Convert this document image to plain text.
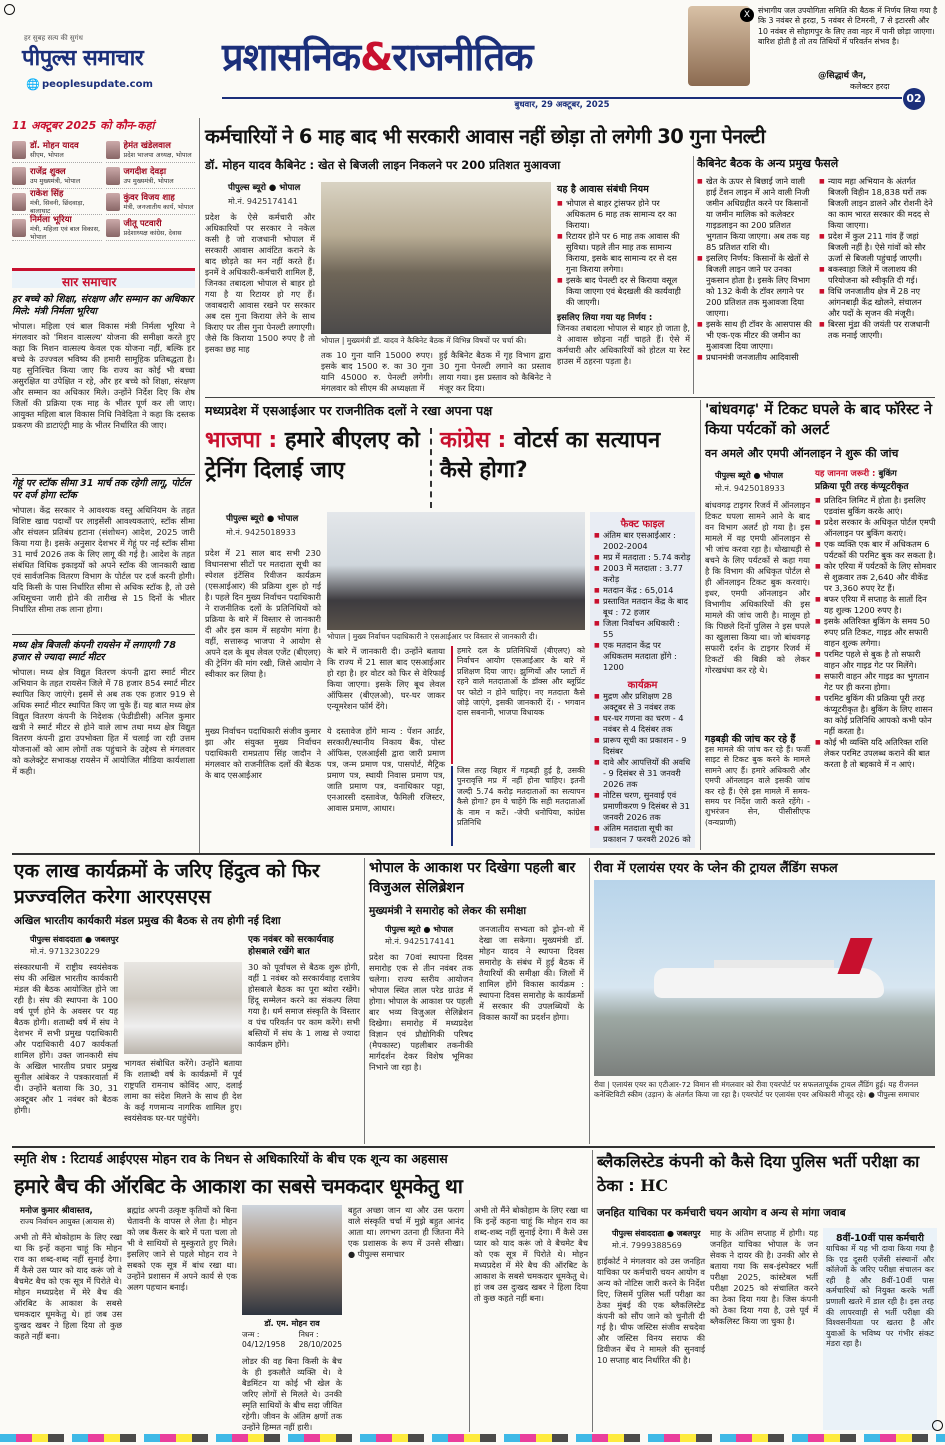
हर सुबह सत्य की सुगंध
पीपुल्स समाचार
🌐 peoplesupdate.com
प्रशासनिक&राजनीतिक
X	संभागीय जल उपयोगिता समिति की बैठक में निर्णय लिया गया है कि 3 नवंबर से हरदा, 5 नवंबर से टिमरनी, 7 से इटारसी और 10 नवंबर से सोहागपुर के लिए तवा नहर में पानी छोड़ा जाएगा। बारिश होती है तो तय तिथियों में परिवर्तन संभव है।
@सिद्धार्थ जैन,
कलेक्टर हरदा
बुधवार, 29 अक्टूबर, 2025	02
11 अक्टूबर 2025 को कौन-कहां
डॉ. मोहन यादव
सीएम, भोपाल
हेमंत खंडेलवाल
प्रदेश भाजपा अध्यक्ष, भोपाल
राजेंद्र शुक्ल
उप मुख्यमंत्री, भोपाल
जगदीश देवड़ा
उप मुख्यमंत्री, भोपाल
राकेश सिंह
मंत्री, सिवनी, छिंदवाड़ा, बालाघाट
कुंवर विजय शाह
मंत्री, जनजातीय कार्य, भोपाल
निर्मला भूरिया
मंत्री, महिला एवं बाल विकास, भोपाल
जीतू पटवारी
प्रदेशाध्यक्ष कांग्रेस, देवास
सार समाचार
हर बच्चे को शिक्षा, संरक्षण और सम्मान का अधिकार मिले: मंत्री निर्मला भूरिया
भोपाल। महिला एवं बाल विकास मंत्री निर्मला भूरिया ने मंगलवार को 'मिशन वात्सल्य' योजना की समीक्षा करते हुए कहा कि मिशन वात्सल्य केवल एक योजना नहीं, बल्कि हर बच्चे के उज्ज्वल भविष्य की हमारी सामूहिक प्रतिबद्धता है। यह सुनिश्चित किया जाए कि राज्य का कोई भी बच्चा असुरक्षित या उपेक्षित न रहे, और हर बच्चे को शिक्षा, संरक्षण और सम्मान का अधिकार मिले। उन्होंने निर्देश दिए कि शेष जिलों की प्रक्रिया एक माह के भीतर पूर्ण कर ली जाए। आयुक्त महिला बाल विकास निधि निवेदिता ने कहा कि दस्तक प्रकरण की डाटाएंट्री माह के भीतर निर्धारित की जाए।
गेहूं पर स्टॉक सीमा 31 मार्च तक रहेगी लागू, पोर्टल पर दर्ज होगा स्टॉक
भोपाल। केंद्र सरकार ने आवश्यक वस्तु अधिनियम के तहत विशिष्ट खाद्य पदार्थों पर लाइसेंसी आवश्यकताएं, स्टॉक सीमा और संचलन प्रतिबंध हटाना (संशोधन) आदेश, 2025 जारी किया गया है। इसके अनुसार देशभर में गेहूं पर नई स्टॉक सीमा 31 मार्च 2026 तक के लिए लागू की गई है। आदेश के तहत संबंधित विधिक इकाइयों को अपने स्टॉक की जानकारी खाद्य एवं सार्वजनिक वितरण विभाग के पोर्टल पर दर्ज करनी होगी। यदि किसी के पास निर्धारित सीमा से अधिक स्टॉक है, तो उसे अधिसूचना जारी होने की तारीख से 15 दिनों के भीतर निर्धारित सीमा तक लाना होगा।
मध्य क्षेत्र बिजली कंपनी रायसेन में लगाएगी 78 हजार से ज्यादा स्मार्ट मीटर
भोपाल। मध्य क्षेत्र विद्युत वितरण कंपनी द्वारा स्मार्ट मीटर अभियान के तहत रायसेन जिले में 78 हजार 854 स्मार्ट मीटर स्थापित किए जाएंगे। इसमें से अब तक एक हजार 919 से अधिक स्मार्ट मीटर स्थापित किए जा चुके हैं। यह बात मध्य क्षेत्र विद्युत वितरण कंपनी के निदेशक (फेडीडीसी) अनिल कुमार खत्री ने स्मार्ट मीटर से होने वाले लाभ तथा मध्य क्षेत्र विद्युत वितरण कंपनी द्वारा उपभोक्ता हित में चलाई जा रही उत्तम योजनाओं को आम लोगों तक पहुंचाने के उद्देश्य से मंगलवार को कलेक्ट्रेट सभाकक्ष रायसेन में आयोजित मीडिया कार्यशाला में कही।
कर्मचारियों ने 6 माह बाद भी सरकारी आवास नहीं छोड़ा तो लगेगी 30 गुना पेनल्टी
डॉ. मोहन यादव कैबिनेट : खेत से बिजली लाइन निकलने पर 200 प्रतिशत मुआवजा
पीपुल्स ब्यूरो ● भोपाल
मो.नं. 9425174141
प्रदेश के ऐसे कर्मचारी और अधिकारियों पर सरकार ने नकेल कसी है जो राजधानी भोपाल में सरकारी आवास आवंटित कराने के बाद छोड़ते का मन नहीं करते हैं। इनमें वे अधिकारी-कर्मचारी शामिल हैं, जिनका तबादला भोपाल से बाहर हो गया है या रिटायर हो गए हैं। जवाबदारी आवास रखने पर सरकार अब दस गुना किराया लेने के साथ किराए पर तीस गुना पेनल्टी लगाएगी। जैसे कि किराया 1500 रुपए है तो इसका छह माह
भोपाल | मुख्यमंत्री डॉ. यादव ने कैबिनेट बैठक में विभिन्न विषयों पर चर्चा की।
तक 10 गुना यानि 15000 रुपए। इसके बाद 1500 रु. का 30 गुना यानि 45000 रु. पेनल्टी लगेगी। मंगलवार को सीएम की अध्यक्षता में
हुई कैबिनेट बैठक में गृह विभाग द्वारा 30 गुना पेनल्टी लगाने का प्रस्ताव लाया गया। इस प्रस्ताव को कैबिनेट ने मंजूर कर दिया।
यह है आवास संबंधी नियम
■ भोपाल से बाहर ट्रांसफर होने पर अधिकतम 6 माह तक सामान्य दर का किराया।
■ रिटायर होने पर 6 माह तक आवास की सुविधा। पहले तीन माह तक सामान्य किराया, इसके बाद सामान्य दर से दस गुना किराया लगेगा।
■ इसके बाद पेनल्टी दर से किराया वसूल किया जाएगा एवं बेदखली की कार्यवाही की जाएगी।
इसलिए लिया गया यह निर्णय :
जिनका तबादला भोपाल से बाहर हो जाता है, वे आवास छोड़ना नहीं चाहते हैं। ऐसे में कर्मचारी और अधिकारियों को होटल या रेस्ट हाउस में ठहरना पड़ता है।
कैबिनेट बैठक के अन्य प्रमुख फैसले
■ खेत के ऊपर से बिछाई जाने वाली हाई टेंशन लाइन में आने वाली निजी जमीन अधिग्रहीत करने पर किसानों या जमीन मालिक को कलेक्टर गाइडलाइन का 200 प्रतिशत भुगतान किया जाएगा। अब तक यह 85 प्रतिशत राशि थी।
■ इसलिए निर्णय: किसानों के खेतों से बिजली लाइन जाने पर उनका नुकसान होता है। इसके लिए विभाग को 132 केवी के टॉवर लगाने पर 200 प्रतिशत तक मुआवजा दिया जाएगा।
■ इसके साथ ही टॉवर के आसपास की भी एक-एक मीटर की जमीन का मुआवजा दिया जाएगा।
■ प्रधानमंत्री जनजातीय आदिवासी
■ न्याय महा अभियान के अंतर्गत बिजली विहीन 18,838 घरों तक बिजली लाइन डालने और रोशनी देने का काम भारत सरकार की मदद से किया जाएगा।
■ प्रदेश में कुल 211 गांव हैं जहां बिजली नहीं है। ऐसे गांवों को सौर ऊर्जा से बिजली पहुंचाई जाएगी।
■ बकस्वाहा जिले में जलाशय की परियोजना को स्वीकृति दी गई।
■ विधि जनजातीय क्षेत्र में 28 नए आंगनबाड़ी केंद्र खोलने, संचालन और पदों के सृजन की मंजूरी।
■ बिरसा मुंडा की जयंती पर राजधानी तक मनाई जाएगी।
मध्यप्रदेश में एसआईआर पर राजनीतिक दलों ने रखा अपना पक्ष
भाजपा : हमारे बीएलए को ट्रेनिंग दिलाई जाए
कांग्रेस : वोटर्स का सत्यापन कैसे होगा?
पीपुल्स ब्यूरो ● भोपाल
मो.नं. 9425018933
प्रदेश में 21 साल बाद सभी 230 विधानसभा सीटों पर मतदाता सूची का स्पेशल इंटेंसिव रिवीजन कार्यक्रम (एसआईआर) की प्रक्रिया शुरू हो गई है। पहले दिन मुख्य निर्वाचन पदाधिकारी ने राजनीतिक दलों के प्रतिनिधियों को प्रक्रिया के बारे में विस्तार से जानकारी दी और इस काम में सहयोग मांगा है। वहीं, सत्तारूढ़ भाजपा ने आयोग से अपने दल के बूथ लेवल एजेंट (बीएलए) की ट्रेनिंग की मांग रखी, जिसे आयोग ने स्वीकार कर लिया है।
मुख्य निर्वाचन पदाधिकारी संजीव कुमार झा और संयुक्त मुख्य निर्वाचन पदाधिकारी रामप्रताप सिंह जादौन ने मंगलवार को राजनीतिक दलों की बैठक के बाद एसआईआर
भोपाल | मुख्य निर्वाचन पदाधिकारी ने एसआईआर पर विस्तार से जानकारी दी।
के बारे में जानकारी दी। उन्होंने बताया कि राज्य में 21 साल बाद एसआईआर हो रहा है। हर वोटर को फिर से वेरिफाई किया जाएगा। इसके लिए बूथ लेवल ऑफिसर (बीएलओ), घर-घर जाकर एन्यूमरेशन फॉर्म देंगे।
ये दस्तावेज होंगे मान्य : पेंशन आर्डर, सरकारी/स्थानीय निकाय बैंक, पोस्ट ऑफिस, एलआईसी द्वारा जारी प्रमाण पत्र, जन्म प्रमाण पत्र, पासपोर्ट, मैट्रिक प्रमाण पत्र, स्थायी निवास प्रमाण पत्र, जाति प्रमाण पत्र, वनाधिकार पट्टा, एनआरसी दस्तावेज, फैमिली रजिस्टर, आवास प्रमाण, आधार।
हमारे दल के प्रतिनिधियों (बीएलए) को निर्वाचन आयोग एसआईआर के बारे में प्रशिक्षण दिया जाए। झुग्गियों और प्लाटों में रहने वाले मतदाताओं के डॉक्स और ब्लूप्रिंट पर फोटो न होने चाहिए। नए मतदाता कैसे जोड़े जाएंगे, इसकी जानकारी दें। - भगवान दास सबनानी, भाजपा विधायक
जिस तरह बिहार में गड़बड़ी हुई है, उसकी पुनरावृत्ति मप्र में नहीं होना चाहिए। इतनी जल्दी 5.74 करोड़ मतदाताओं का सत्यापन कैसे होगा? हम ये चाहेंगे कि सही मतदाताओं के नाम न कटें। -जेपी धनोपिया, कांग्रेस प्रतिनिधि
फैक्ट फाइल
■ अंतिम बार एसआईआर : 2002-2004
■ मप्र में मतदाता : 5.74 करोड़
■ 2003 में मतदाता : 3.77 करोड़
■ मतदान केंद्र : 65,014
■ प्रस्तावित मतदान केंद्र के बाद बूथ : 72 हजार
■ जिला निर्वाचन अधिकारी : 55
■ एक मतदान केंद्र पर अधिकतम मतदाता होंगे : 1200
कार्यक्रम
■ मुद्रण और प्रशिक्षण 28 अक्टूबर से 3 नवंबर तक
■ घर-घर गणना का चरण - 4 नवंबर से 4 दिसंबर तक
■ प्रारूप सूची का प्रकाशन - 9 दिसंबर
■ दावे और आपत्तियों की अवधि - 9 दिसंबर से 31 जनवरी 2026 तक
■ नोटिस चरण, सुनवाई एवं प्रमाणीकरण 9 दिसंबर से 31 जनवरी 2026 तक
■ अंतिम मतदाता सूची का प्रकाशन 7 फरवरी 2026 को
'बांधवगढ़' में टिकट घपले के बाद फॉरेस्ट ने किया पर्यटकों को अलर्ट
वन अमले और एमपी ऑनलाइन ने शुरू की जांच
पीपुल्स ब्यूरो ● भोपाल
मो.नं. 9425018933
बांधवगढ़ टाइगर रिजर्व में ऑनलाइन टिकट घपला सामने आने के बाद वन विभाग अलर्ट हो गया है। इस मामले में वह एमपी ऑनलाइन से भी जांच करवा रहा है। धोखाधड़ी से बचने के लिए पर्यटकों से कहा गया है कि विभाग की अधिकृत पोर्टल से ही ऑनलाइन टिकट बुक करवाएं। इधर, एमपी ऑनलाइन और विभागीय अधिकारियों की इस मामले की जांच जारी है। मालूम हो कि पिछले दिनों पुलिस ने इस घपले का खुलासा किया था। जो बांधवगढ़ सफारी दर्शन के टाइगर रिजर्व में टिकटों की बिक्री को लेकर गोरखधंधा कर रहे थे।
गड़बड़ी की जांच कर रहे हैं
इस मामले की जांच कर रहे हैं। फर्जी साइट से टिकट बुक करने के मामले सामने आए हैं। हमारे अधिकारी और एमपी ऑनलाइन वाले इसकी जांच कर रहे हैं। ऐसे इस मामले में समय-समय पर निर्देश जारी करते रहेंगे। - शुभरंजन सेन, पीसीसीएफ (वन्यप्राणी)
यह जानना जरूरी : बुकिंग
प्रक्रिया पूरी तरह कंप्यूटरीकृत
■ प्रतिदिन लिमिट में होता है। इसलिए एडवांस बुकिंग करके आएं।
■ प्रदेश सरकार के अधिकृत पोर्टल एमपी ऑनलाइन पर बुकिंग कराएं।
■ एक व्यक्ति एक बार में अधिकतम 6 पर्यटकों की परमिट बुक कर सकता है।
■ कोर एरिया में पर्यटकों के लिए सोमवार से शुक्रवार तक 2,640 और वीकेंड पर 3,360 रुपए रेट हैं।
■ बफर एरिया में सप्ताह के सातों दिन यह शुल्क 1200 रुपए है।
■ इसके अतिरिक्त बुकिंग के समय 50 रुपए प्रति टिकट, गाइड और सफारी वाहन शुल्क लगेगा।
■ परमिट पहले से बुक है तो सफारी वाहन और गाइड गेट पर मिलेंगे।
■ सफारी वाहन और गाइड का भुगतान गेट पर ही करना होगा।
■ परमिट बुकिंग की प्रक्रिया पूरी तरह कंप्यूटरीकृत है। बुकिंग के लिए शासन का कोई प्रतिनिधि आपको कभी फोन नहीं करता है।
■ कोई भी व्यक्ति यदि अतिरिक्त राशि लेकर परमिट उपलब्ध कराने की बात करता है तो बहकावे में न आएं।
एक लाख कार्यक्रमों के जरिए हिंदुत्व को फिर प्रज्ज्वलित करेगा आरएसएस
अखिल भारतीय कार्यकारी मंडल प्रमुख की बैठक से तय होगी नई दिशा
पीपुल्स संवाददाता ● जबलपुर
मो.नं. 9713230229
संस्कारधानी में राष्ट्रीय स्वयंसेवक संघ की अखिल भारतीय कार्यकारी मंडल की बैठक आयोजित होने जा रही है। संघ की स्थापना के 100 वर्ष पूर्ण होने के अवसर पर यह बैठक होगी। शताब्दी वर्ष में संघ ने देशभर में सभी प्रमुख पदाधिकारी और पदाधिकारी 407 कार्यकर्ता शामिल होंगे। उक्त जानकारी संघ के अखिल भारतीय प्रचार प्रमुख सुनील आंबेकर ने पत्रकारवार्ता में दी। उन्होंने बताया कि 30, 31 अक्टूबर और 1 नवंबर को बैठक होगी।
भागवत संबोधित करेंगे। उन्होंने बताया कि शताब्दी वर्ष के कार्यक्रमों में पूर्व राष्ट्रपति रामनाथ कोविंद आए, दलाई लामा का संदेश मिलने के साथ ही देश के कई गणमान्य नागरिक शामिल हुए। स्वयंसेवक घर-घर पहुंचेंगे।
एक नवंबर को सरकार्यवाह होसबाले रखेंगे बात
30 को पूर्वांचल से बैठक शुरू होगी, वहीं 1 नवंबर को सरकार्यवाह दत्तात्रेय होसबाले बैठक का पूरा ब्योरा रखेंगे। हिंदू सम्मेलन करने का संकल्प लिया गया है। धर्म समाज संस्कृति के विस्तार व पंच परिवर्तन पर काम करेंगे। सभी बस्तियों में संघ के 1 लाख से ज्यादा कार्यक्रम होंगे।
भोपाल के आकाश पर दिखेगा पहली बार विजुअल सेलिब्रेशन
मुख्यमंत्री ने समारोह को लेकर की समीक्षा
पीपुल्स ब्यूरो ● भोपाल
मो.नं. 9425174141
प्रदेश का 70वां स्थापना दिवस समारोह एक से तीन नवंबर तक चलेगा। राज्य स्तरीय आयोजन भोपाल स्थित लाल परेड ग्राउंड में होगा। भोपाल के आकाश पर पहली बार भव्य विजुअल सेलिब्रेशन दिखेगा। समारोह में मध्यप्रदेश विज्ञान एवं प्रौद्योगिकी परिषद (मैपकास्ट) पहलीबार तकनीकी मार्गदर्शन देकर विशेष भूमिका निभाने जा रहा है।
जनजातीय सभ्यता को ड्रोन-शो में देखा जा सकेगा। मुख्यमंत्री डॉ. मोहन यादव ने स्थापना दिवस समारोह के संबंध में हुई बैठक में तैयारियों की समीक्षा की। जिलों में शामिल होंगे विकास कार्यक्रम : स्थापना दिवस समारोह के कार्यक्रमों में सरकार की उपलब्धियों के विकास कार्यों का प्रदर्शन होगा।
रीवा में एलायंस एयर के प्लेन की ट्रायल लैंडिंग सफल
रीवा | एलायंस एयर का एटीआर-72 विमान सी मंगलवार को रीवा एयरपोर्ट पर सफलतापूर्वक ट्रायल लैंडिंग हुई। यह रीजनल कनेक्टिविटी स्कीम (उड़ान) के अंतर्गत किया जा रहा है। एयरपोर्ट पर एलायंस एयर अधिकारी मौजूद रहे। ● पीपुल्स समाचार
स्मृति शेष : रिटायर्ड आईएएस मोहन राव के निधन से अधिकारियों के बीच एक शून्य का अहसास
हमारे बैच की ऑरबिट के आकाश का सबसे चमकदार धूमकेतु था
मनोज कुमार श्रीवास्तव,
राज्य निर्वाचन आयुक्त (आयास से)
अभी तो मैंने बोकोहाम के लिए रखा था कि इन्हें कहना चाहूं कि मोहन राव का शब्द-शब्द नहीं सुनाई देगा। मैं कैसे उस प्यार को याद करूं जो वे बैचमेट बैच को एक सूत्र में पिरोते थे। मोहन मध्यप्रदेश में मेरे बैच की ऑरबिट के आकाश के सबसे चमकदार धूमकेतु थे। हां जब उस दुःखद खबर ने हिला दिया तो कुछ कहते नहीं बना।
ब्रह्मांड अपनी उत्कृष्ट कृतियों को बिना चेतावनी के वापस ले लेता है। मोहन को जब कैंसर के बारे में पता चला तो भी वे साथियों से मुस्कुराते हुए मिले। इसलिए जाने से पहले मोहन राव ने सबको एक सूत्र में बांध रखा था। उन्होंने प्रशासन में अपने कार्य से एक अलग पहचान बनाई।
डॉ. एम. मोहन राव
जन्म :
04/12/1958
निधन :
28/10/2025
लोडर की वह बिना किसी के बैच के ही इकलौते व्यक्ति थे। वे बैडमिंटन या कोई भी खेल के जरिए लोगों से मिलते थे। उनकी स्मृति साथियों के बीच सदा जीवित रहेगी। जीवन के अंतिम क्षणों तक उन्होंने हिम्मत नहीं हारी।
बहुत अच्छा जान था और उस फराग वाले संस्कृति चर्चा में मुझे बहुत आनंद आता था। लगभग उतना ही जितना मैंने एक प्रशासक के रूप में उनसे सीखा। ● पीपुल्स समाचार
अभी तो मैंने बोकोहाम के लिए रखा था कि इन्हें कहना चाहूं कि मोहन राव का शब्द-शब्द नहीं सुनाई देगा। मैं कैसे उस प्यार को याद करूं जो वे बैचमेट बैच को एक सूत्र में पिरोते थे। मोहन मध्यप्रदेश में मेरे बैच की ऑरबिट के आकाश के सबसे चमकदार धूमकेतु थे। हां जब उस दुःखद खबर ने हिला दिया तो कुछ कहते नहीं बना।
ब्लैकलिस्टेड कंपनी को कैसे दिया पुलिस भर्ती परीक्षा का ठेका : HC
जनहित याचिका पर कर्मचारी चयन आयोग व अन्य से मांगा जवाब
पीपुल्स संवाददाता ● जबलपुर
मो.नं. 7999388569
हाईकोर्ट ने मंगलवार को उस जनहित याचिका पर कर्मचारी चयन आयोग व अन्य को नोटिस जारी करने के निर्देश दिए, जिसमें पुलिस भर्ती परीक्षा का ठेका मुंबई की एक ब्लैकलिस्टेड कंपनी को सौंप जाने को चुनौती दी गई है। चीफ जस्टिस संजीव सचदेवा और जस्टिस विनय सराफ की डिवीजन बेंच ने मामले की सुनवाई 10 सप्ताह बाद निर्धारित की है।
माह के अंतिम सप्ताह में होगी। यह जनहित याचिका भोपाल के जन सेवक ने दायर की है। उनकी ओर से बताया गया कि सब-इंस्पेक्टर भर्ती परीक्षा 2025, कांस्टेबल भर्ती परीक्षा 2025 को संचालित करने का ठेका दिया गया है। जिस कंपनी को ठेका दिया गया है, उसे पूर्व में ब्लैकलिस्ट किया जा चुका है।
8वीं-10वीं पास कर्मचारी
याचिका में यह भी दावा किया गया है कि एड दूसरी एजेंसी संस्थानों और कॉलेजों के जरिए परीक्षा संचालन कर रही है और 8वीं-10वीं पास कर्मचारियों को नियुक्त करके भर्ती प्रणाली खतरे में डाल रही है। इस तरह की लापरवाही से भर्ती परीक्षा की विश्वसनीयता पर खतरा है और युवाओं के भविष्य पर गंभीर संकट मंडरा रहा है।
